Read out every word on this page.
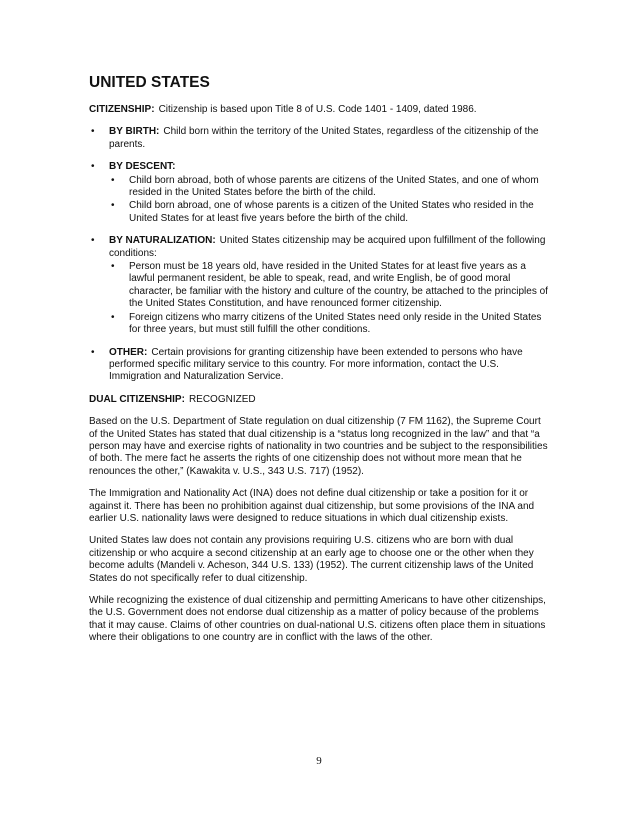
UNITED STATES

CITIZENSHIP: Citizenship is based upon Title 8 of U.S. Code 1401 - 1409, dated 1986.

• BY BIRTH: Child born within the territory of the United States, regardless of the citizenship of the parents.
• BY DESCENT:
• Child born abroad, both of whose parents are citizens of the United States, and one of whom resided in the United States before the birth of the child.
• Child born abroad, one of whose parents is a citizen of the United States who resided in the United States for at least five years before the birth of the child.
• BY NATURALIZATION: United States citizenship may be acquired upon fulfillment of the following conditions:
• Person must be 18 years old, have resided in the United States for at least five years as a lawful permanent resident, be able to speak, read, and write English, be of good moral character, be familiar with the history and culture of the country, be attached to the principles of the United States Constitution, and have renounced former citizenship.
• Foreign citizens who marry citizens of the United States need only reside in the United States for three years, but must still fulfill the other conditions.
• OTHER: Certain provisions for granting citizenship have been extended to persons who have performed specific military service to this country. For more information, contact the U.S. Immigration and Naturalization Service.

DUAL CITIZENSHIP: RECOGNIZED

Based on the U.S. Department of State regulation on dual citizenship (7 FM 1162), the Supreme Court of the United States has stated that dual citizenship is a “status long recognized in the law” and that “a person may have and exercise rights of nationality in two countries and be subject to the responsibilities of both. The mere fact he asserts the rights of one citizenship does not without more mean that he renounces the other,” (Kawakita v. U.S., 343 U.S. 717) (1952).

The Immigration and Nationality Act (INA) does not define dual citizenship or take a position for it or against it. There has been no prohibition against dual citizenship, but some provisions of the INA and earlier U.S. nationality laws were designed to reduce situations in which dual citizenship exists.

United States law does not contain any provisions requiring U.S. citizens who are born with dual citizenship or who acquire a second citizenship at an early age to choose one or the other when they become adults (Mandeli v. Acheson, 344 U.S. 133) (1952). The current citizenship laws of the United States do not specifically refer to dual citizenship.

While recognizing the existence of dual citizenship and permitting Americans to have other citizenships, the U.S. Government does not endorse dual citizenship as a matter of policy because of the problems that it may cause. Claims of other countries on dual-national U.S. citizens often place them in situations where their obligations to one country are in conflict with the laws of the other.

9
